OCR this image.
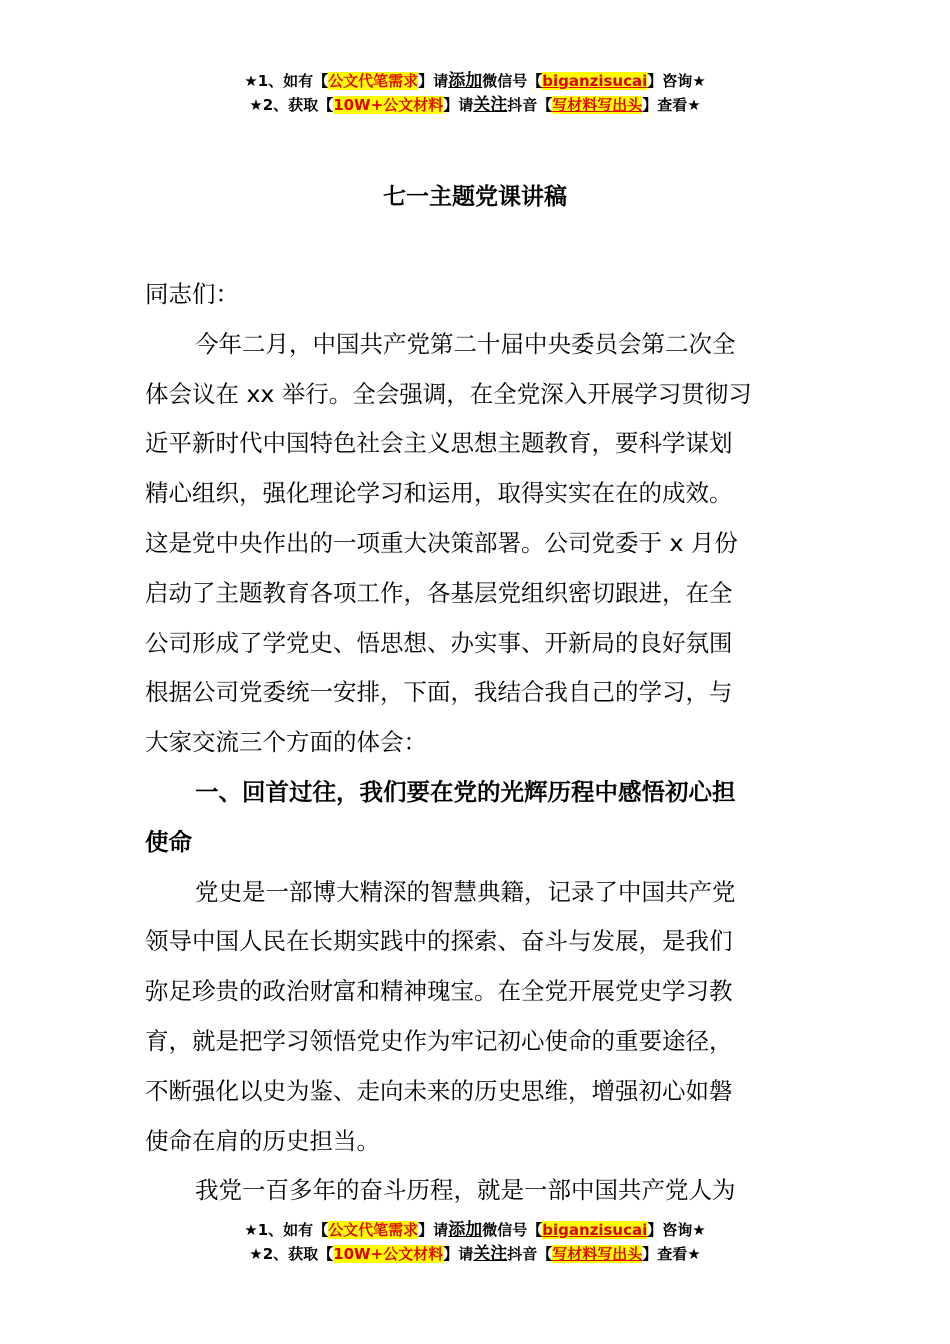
★1、如有【公文代笔需求】请添加微信号【biganzisucai】咨询★
★2、获取【10W+公文材料】请关注抖音【写材料写出头】查看★
七一主题党课讲稿
同志们：
今年二月，中国共产党第二十届中央委员会第二次全
体会议在 xx 举行。全会强调，在全党深入开展学习贯彻习
近平新时代中国特色社会主义思想主题教育，要科学谋划
精心组织，强化理论学习和运用，取得实实在在的成效。
这是党中央作出的一项重大决策部署。公司党委于 x 月份
启动了主题教育各项工作，各基层党组织密切跟进，在全
公司形成了学党史、悟思想、办实事、开新局的良好氛围
根据公司党委统一安排，下面，我结合我自己的学习，与
大家交流三个方面的体会：
一、回首过往，我们要在党的光辉历程中感悟初心担
使命
党史是一部博大精深的智慧典籍，记录了中国共产党
领导中国人民在长期实践中的探索、奋斗与发展，是我们
弥足珍贵的政治财富和精神瑰宝。在全党开展党史学习教
育，就是把学习领悟党史作为牢记初心使命的重要途径，
不断强化以史为鉴、走向未来的历史思维，增强初心如磐
使命在肩的历史担当。
我党一百多年的奋斗历程，就是一部中国共产党人为
★1、如有【公文代笔需求】请添加微信号【biganzisucai】咨询★
★2、获取【10W+公文材料】请关注抖音【写材料写出头】查看★
